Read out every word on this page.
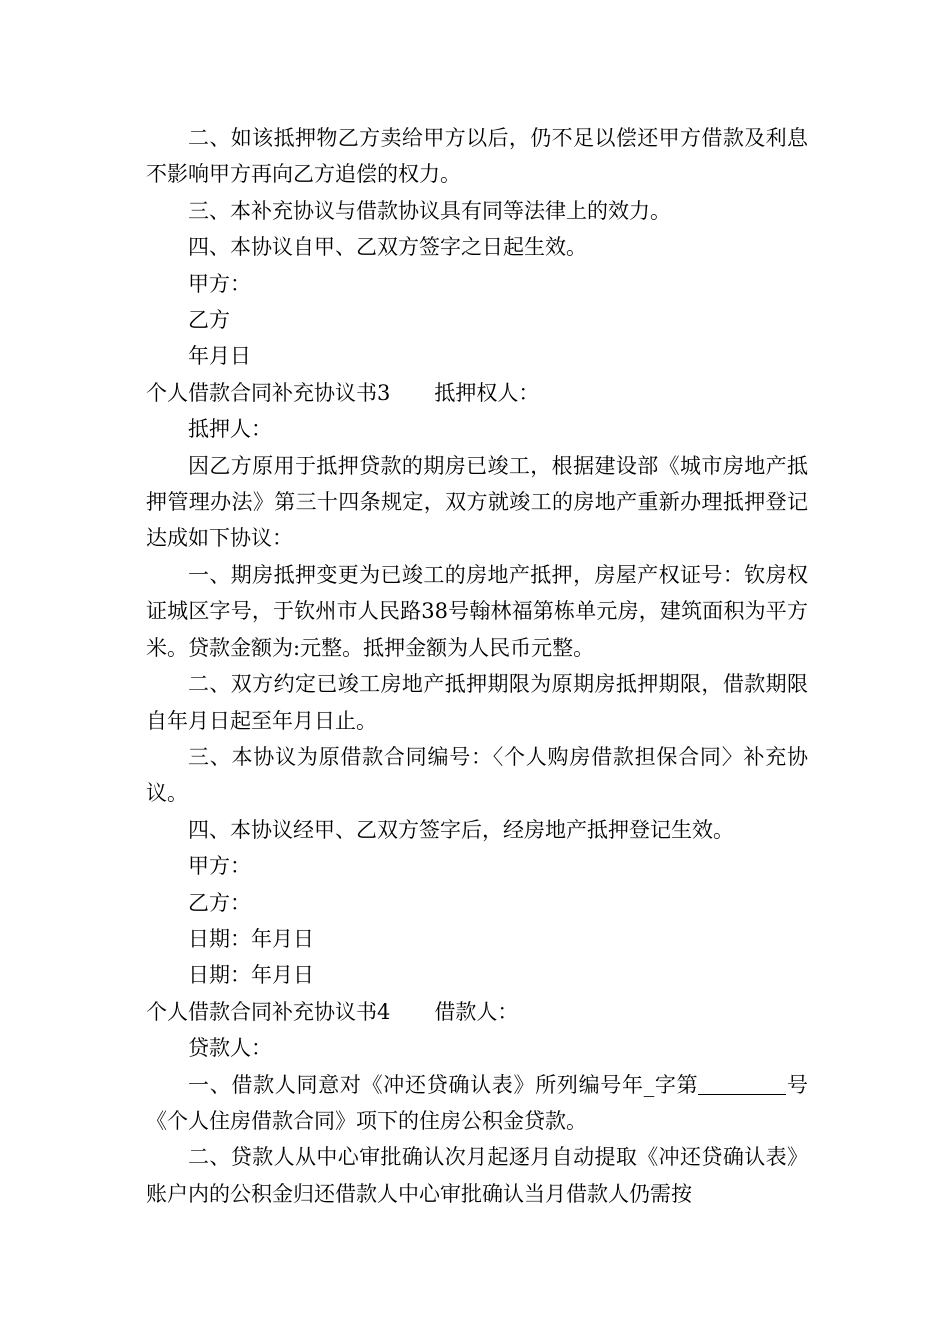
二、如该抵押物乙方卖给甲方以后，仍不足以偿还甲方借款及利息不影响甲方再向乙方追偿的权力。

三、本补充协议与借款协议具有同等法律上的效力。

四、本协议自甲、乙双方签字之日起生效。

甲方：

乙方

年月日

个人借款合同补充协议书3 抵押权人：

抵押人：

因乙方原用于抵押贷款的期房已竣工，根据建设部《城市房地产抵押管理办法》第三十四条规定，双方就竣工的房地产重新办理抵押登记达成如下协议：

一、期房抵押变更为已竣工的房地产抵押，房屋产权证号：钦房权证城区字号，于钦州市人民路38号翰林福第栋单元房，建筑面积为平方米。贷款金额为:元整。抵押金额为人民币元整。

二、双方约定已竣工房地产抵押期限为原期房抵押期限，借款期限自年月日起至年月日止。

三、本协议为原借款合同编号：〈个人购房借款担保合同〉补充协议。

四、本协议经甲、乙双方签字后，经房地产抵押登记生效。

甲方：

乙方：

日期：年月日

日期：年月日

个人借款合同补充协议书4 借款人：

贷款人：

一、借款人同意对《冲还贷确认表》所列编号年_字第	号《个人住房借款合同》项下的住房公积金贷款。

二、贷款人从中心审批确认次月起逐月自动提取《冲还贷确认表》账户内的公积金归还借款人中心审批确认当月借款人仍需按
